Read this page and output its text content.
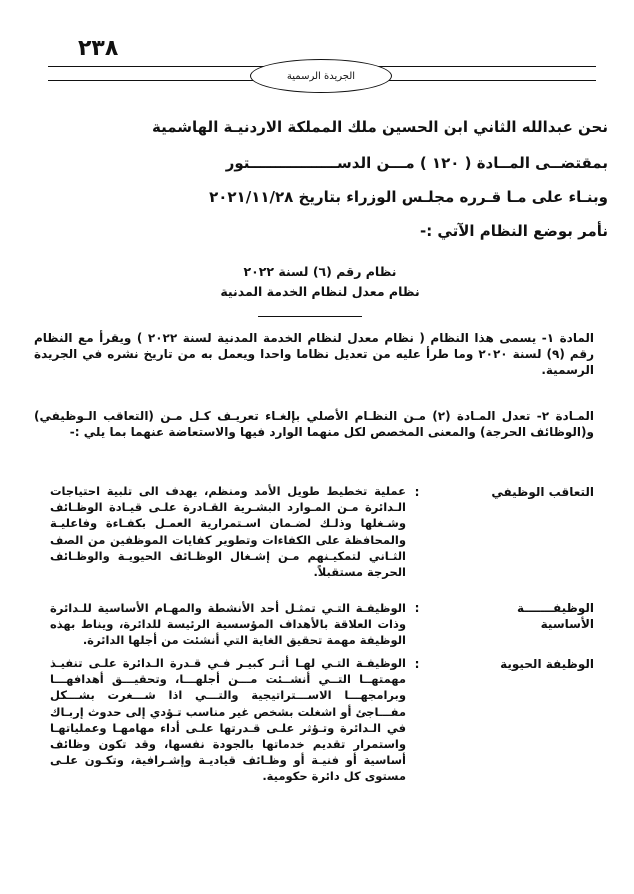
٢٣٨
الجريدة الرسمية
نحن عبدالله الثاني ابن الحسين ملك المملكة الاردنيـة الهاشمية
بمقتضــى المــادة ( ١٢٠ ) مـــن الدســـــــــــــــــتور
وبنـاء على مـا قـرره مجلـس الوزراء بتاريخ ٢٠٢١/١١/٢٨
نأمر بوضع النظام الآتي :-
نظام رقم (٦) لسنة ٢٠٢٢
نظام معدل لنظام الخدمة المدنية
المادة ١- يسمى هذا النظام ( نظام معدل لنظام الخدمة المدنية لسنة ٢٠٢٢ ) ويقرأ مع النظام رقم (٩) لسنة ٢٠٢٠ وما طرأ عليه من تعديل نظاما واحدا ويعمل به من تاريخ نشره في الجريدة الرسمية.
المـادة ٢- تعدل المـادة (٢) مـن النظـام الأصلي بإلغـاء تعريـف كـل مـن (التعاقب الـوظيفي) و(الوظائف الحرجة) والمعنى المخصص لكل منهما الوارد فيها والاستعاضة عنهما بما يلي :-
التعاقب الوظيفي
:
عملية تخطيط طويل الأمد ومنظم، يهدف الى تلبية احتياجات الـدائرة مـن المـوارد البشـرية القـادرة علـى قيـادة الوظـائف وشـغلها وذلـك لضـمان اسـتمرارية العمـل بكفـاءة وفاعليـة والمحافظة على الكفاءات وتطوير كفايات الموظفين من الصف الثـاني لتمكيـنهم مـن إشـغال الوظـائف الحيويـة والوظـائف الحرجة مستقبلاً.
الوظيفـــــــة الأساسية
:
الوظيفـة التـي تمثـل أحد الأنشطة والمهـام الأساسية للـدائرة وذات العلاقة بالأهداف المؤسسية الرئيسة للدائرة، ويناط بهذه الوظيفة مهمة تحقيق الغاية التي أنشئت من أجلها الدائرة.
الوظيفة الحيوية
:
الوظيفـة التـي لهـا أثـر كبيـر فـي قـدرة الـدائرة علـى تنفيـذ مهمتهــا التــي أنشــئت مـــن أجلهـــا، وتحقيـــق أهدافهـــا وبرامجهـــا الاســـتراتيجية والتـــي اذا شـــغرت بشـــكل مفـــاجئ أو اشغلت بشخص غير مناسب تـؤدي إلى حدوث إربـاك في الـدائرة وتـؤثر علـى قـدرتها علـى أداء مهامهـا وعملياتهـا واستمرار تقديم خدماتها بالجودة نفسها، وقد تكون وظائف أساسية أو فنيـة أو وظـائف قياديـة وإشـرافية، وتكـون علـى مستوى كل دائرة حكومية.
